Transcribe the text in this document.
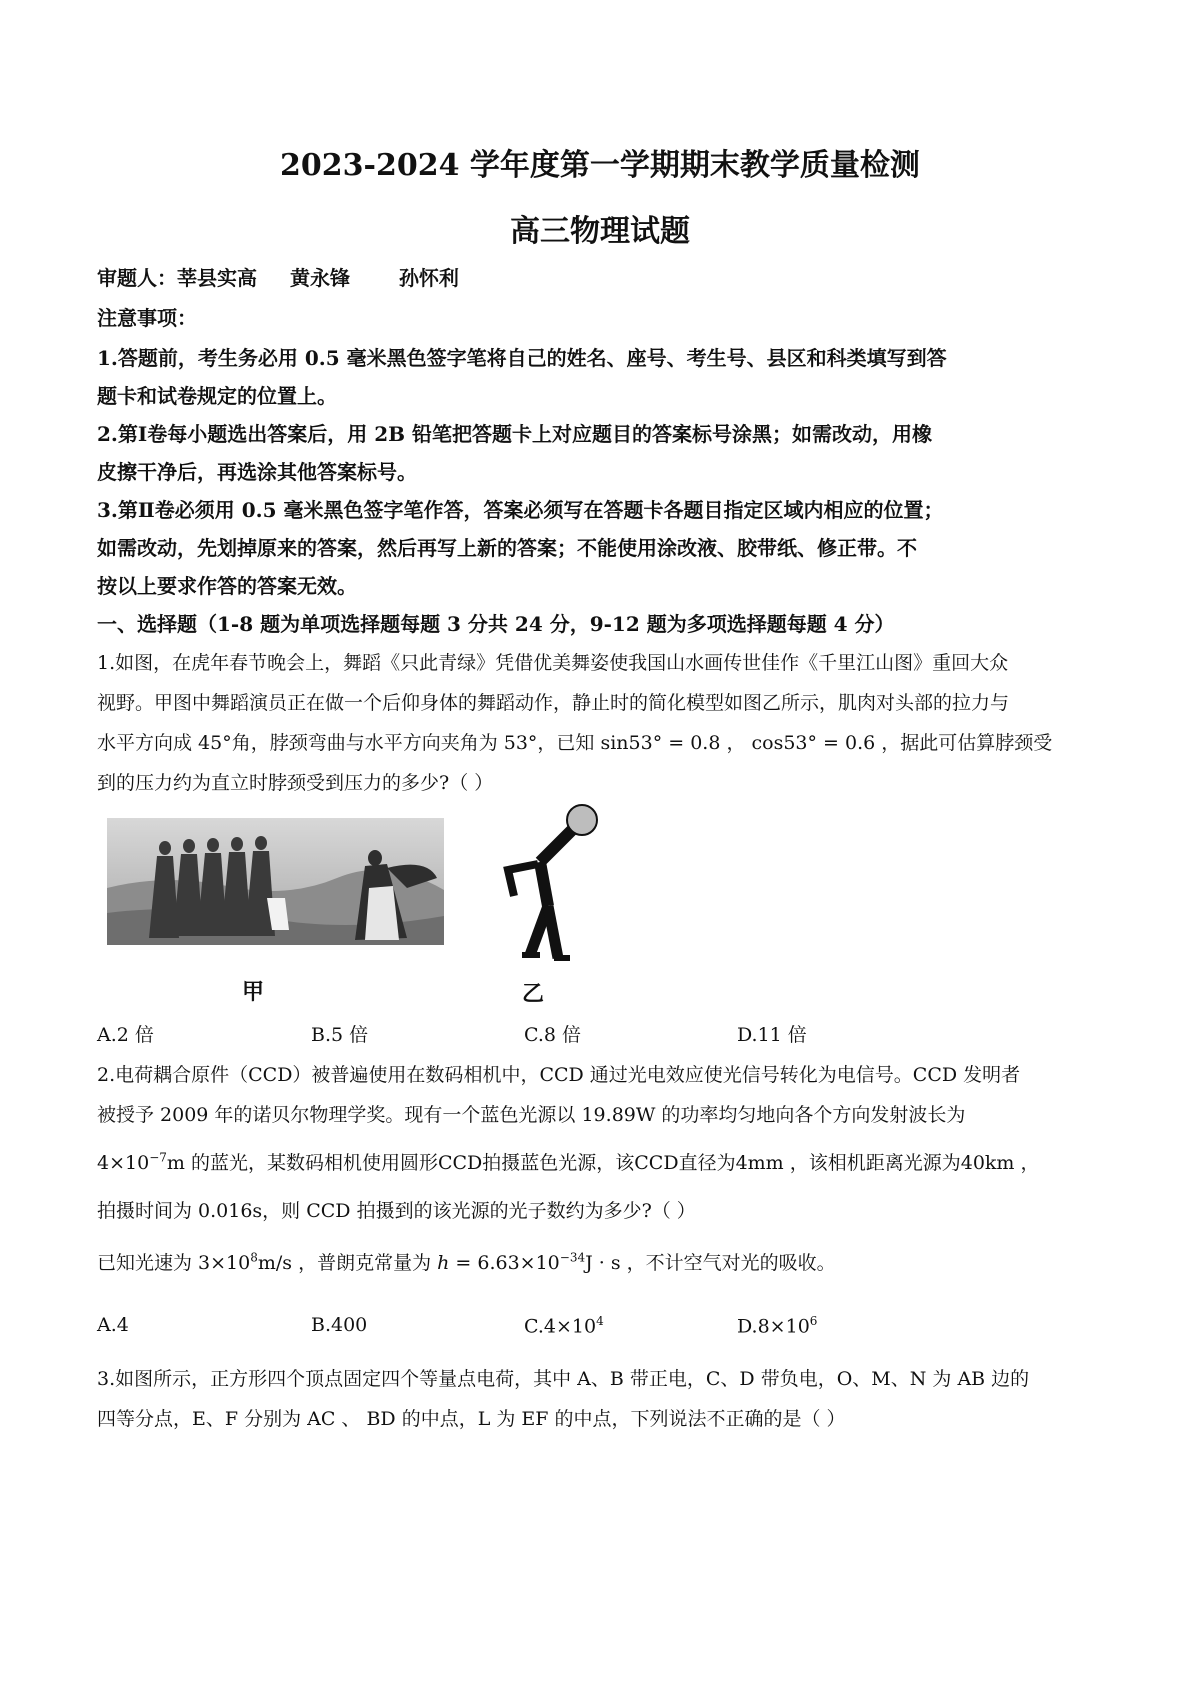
2023-2024 学年度第一学期期末教学质量检测
高三物理试题
审题人：莘县实高 黄永锋 孙怀利
注意事项：
1.答题前，考生务必用 0.5 毫米黑色签字笔将自己的姓名、座号、考生号、县区和科类填写到答
题卡和试卷规定的位置上。
2.第Ⅰ卷每小题选出答案后，用 2B 铅笔把答题卡上对应题目的答案标号涂黑；如需改动，用橡
皮擦干净后，再选涂其他答案标号。
3.第Ⅱ卷必须用 0.5 毫米黑色签字笔作答，答案必须写在答题卡各题目指定区域内相应的位置；
如需改动，先划掉原来的答案，然后再写上新的答案；不能使用涂改液、胶带纸、修正带。不
按以上要求作答的答案无效。
一、选择题（1-8 题为单项选择题每题 3 分共 24 分，9-12 题为多项选择题每题 4 分）
1.如图，在虎年春节晚会上，舞蹈《只此青绿》凭借优美舞姿使我国山水画传世佳作《千里江山图》重回大众
视野。甲图中舞蹈演员正在做一个后仰身体的舞蹈动作，静止时的简化模型如图乙所示，肌肉对头部的拉力与
水平方向成 45°角，脖颈弯曲与水平方向夹角为 53°，已知 sin53° = 0.8 ， cos53° = 0.6 ，据此可估算脖颈受
到的压力约为直立时脖颈受到压力的多少?（ ）
甲	乙
A.2 倍	B.5 倍	C.8 倍	D.11 倍
2.电荷耦合原件（CCD）被普遍使用在数码相机中，CCD 通过光电效应使光信号转化为电信号。CCD 发明者
被授予 2009 年的诺贝尔物理学奖。现有一个蓝色光源以 19.89W 的功率均匀地向各个方向发射波长为
$4\times 10^{-7}m$ 的蓝光，某数码相机使用圆形CCD拍摄蓝色光源，该CCD直径为4mm ，该相机距离光源为40km ，
拍摄时间为 0.016s，则 CCD 拍摄到的该光源的光子数约为多少?（ ）
已知光速为 $3\times 10^8m/s$ ，普朗克常量为 $h = 6.63\times 10^{-34}J \cdot s$ ，不计空气对光的吸收。
A.4	B.400	$C.4\times 10^4$	$D.8\times 10^6$
3.如图所示，正方形四个顶点固定四个等量点电荷，其中 A、B 带正电，C、D 带负电，O、M、N 为 AB 边的
四等分点，E、F 分别为 AC 、 BD 的中点，L 为 EF 的中点，下列说法不正确的是（ ）
